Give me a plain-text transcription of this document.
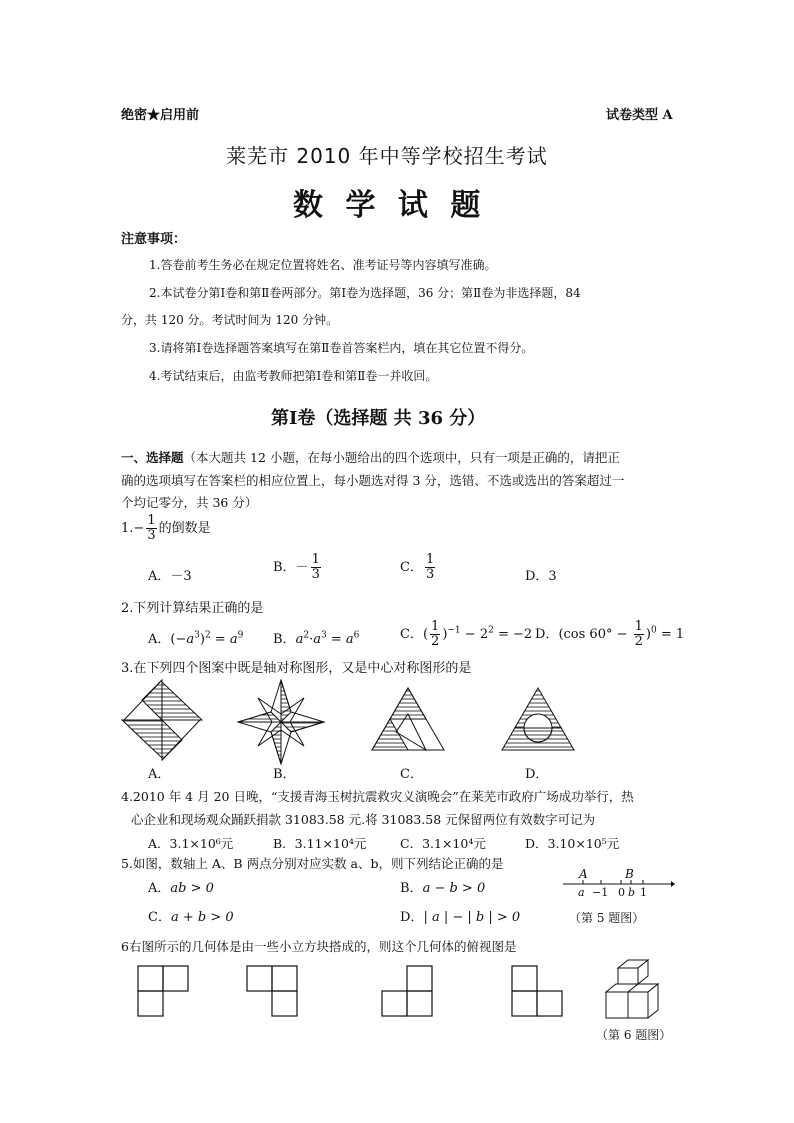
绝密★启用前	试卷类型 A
莱芜市 2010 年中等学校招生考试
数 学 试 题
注意事项：
1.答卷前考生务必在规定位置将姓名、准考证号等内容填写准确。
2.本试卷分第Ⅰ卷和第Ⅱ卷两部分。第Ⅰ卷为选择题，36 分；第Ⅱ卷为非选择题，84
分，共 120 分。考试时间为 120 分钟。
3.请将第Ⅰ卷选择题答案填写在第Ⅱ卷首答案栏内，填在其它位置不得分。
4.考试结束后，由监考教师把第Ⅰ卷和第Ⅱ卷一并收回。
第Ⅰ卷（选择题 共 36 分）
一、选择题（本大题共 12 小题，在每小题给出的四个选项中，只有一项是正确的，请把正
确的选项填写在答案栏的相应位置上，每小题选对得 3 分，选错、不选或选出的答案超过一
个均记零分，共 36 分）
$1.- \frac{1}{3}$ 的倒数是
A．－3
B．－ $\frac{1}{3}$	C． $\frac{1}{3}$	D．3
2.下列计算结果正确的是
A．$(-a^3)^2 = a^9$ B．$a^2\cdot a^3 = a^6$	C．( $\frac{1}{2} )^{-1} - 2^2 = -2$ D．(cos $60^\circ - \frac{1}{2} )^0 = 1$
3.在下列四个图案中既是轴对称图形，又是中心对称图形的是
A．	B．	C．	D．
4.2010 年 4 月 20 日晚，“支援青海玉树抗震救灾义演晚会”在莱芜市政府广场成功举行，热
心企业和现场观众踊跃捐款 31083.58 元.将 31083.58 元保留两位有效数字可记为
A．3.1×10⁶元	B．3.11×10⁴元	C．3.1×10⁴元	D．3.10×10⁵元
5.如图，数轴上 A、B 两点分别对应实数 a、b，则下列结论正确的是
A．ab > 0	B．a − b > 0
C．a + b > 0	D．| a | − | b | > 0
A	B
a −1 0 b 1
（第 5 题图）
6右图所示的几何体是由一些小立方块搭成的，则这个几何体的俯视图是
（第 6 题图）
